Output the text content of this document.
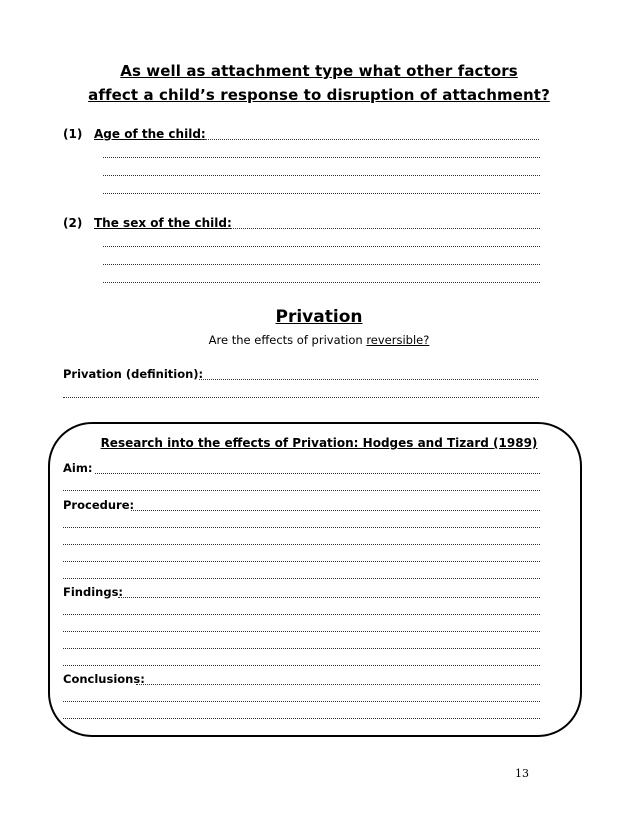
As well as attachment type what other factors
affect a child’s response to disruption of attachment?
(1) Age of the child:
(2) The sex of the child:
Privation
Are the effects of privation reversible?
Privation (definition):
Research into the effects of Privation: Hodges and Tizard (1989)
Aim:
Procedure:
Findings:
Conclusions:
13
